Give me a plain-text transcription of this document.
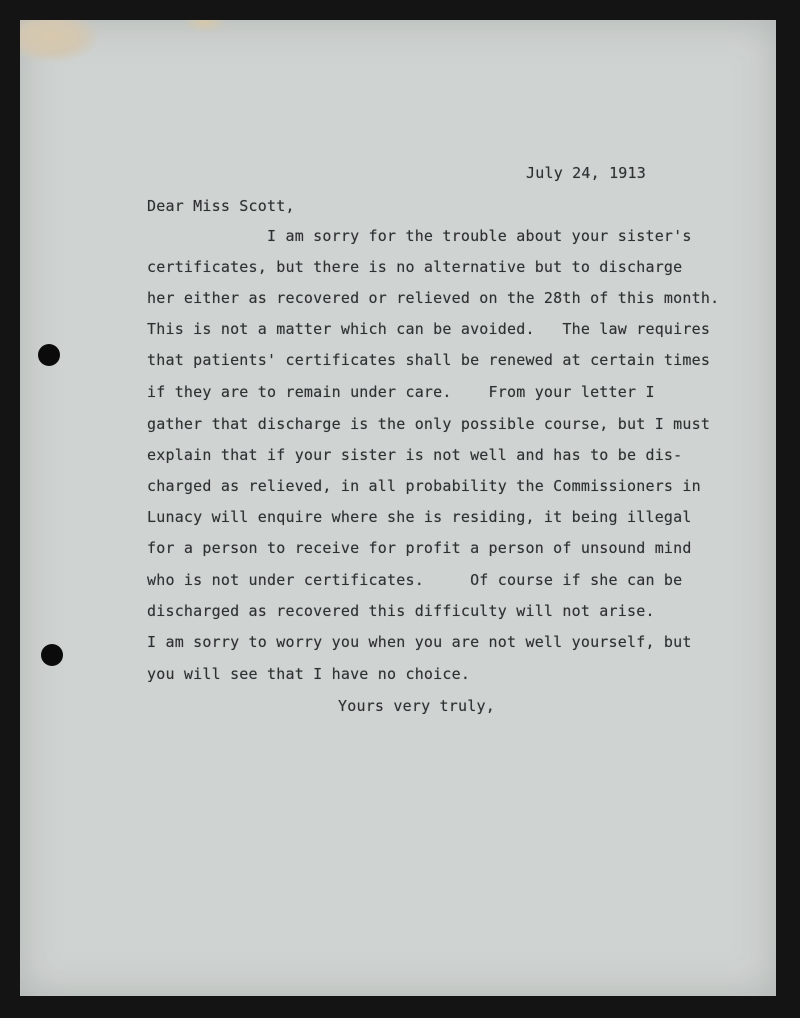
July 24, 1913
Dear Miss Scott,
I am sorry for the trouble about your sister's
certificates, but there is no alternative but to discharge
her either as recovered or relieved on the 28th of this month.
This is not a matter which can be avoided.   The law requires
that patients' certificates shall be renewed at certain times
if they are to remain under care.    From your letter I
gather that discharge is the only possible course, but I must
explain that if your sister is not well and has to be dis-
charged as relieved, in all probability the Commissioners in
Lunacy will enquire where she is residing, it being illegal
for a person to receive for profit a person of unsound mind
who is not under certificates.     Of course if she can be
discharged as recovered this difficulty will not arise.
I am sorry to worry you when you are not well yourself, but
you will see that I have no choice.
Yours very truly,
